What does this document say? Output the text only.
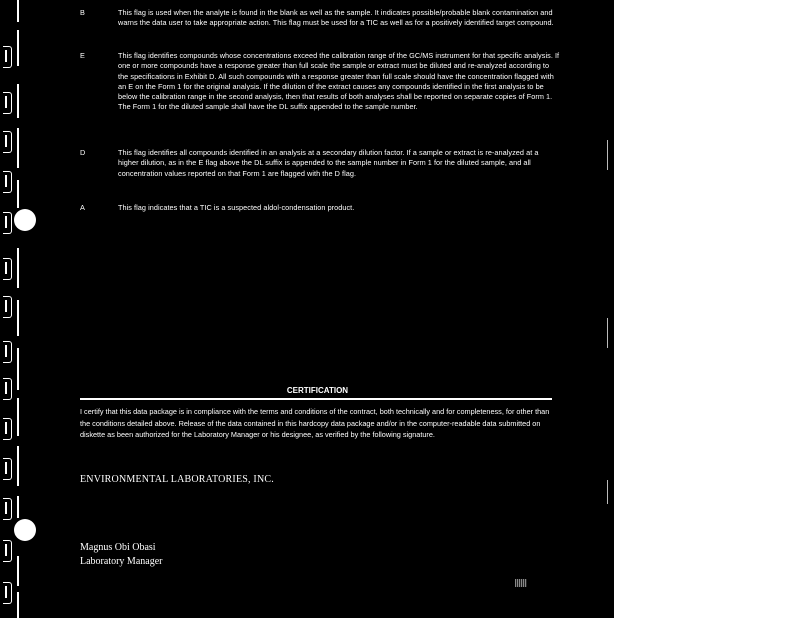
B	This flag is used when the analyte is found in the blank as well as the sample. It indicates possible/probable blank contamination and warns the data user to take appropriate action. This flag must be used for a TIC as well as for a positively identified target compound.
E	This flag identifies compounds whose concentrations exceed the calibration range of the GC/MS instrument for that specific analysis. If one or more compounds have a response greater than full scale the sample or extract must be diluted and re-analyzed according to the specifications in Exhibit D. All such compounds with a response greater than full scale should have the concentration flagged with an E on the Form 1 for the original analysis. If the dilution of the extract causes any compounds identified in the first analysis to be below the calibration range in the second analysis, then that results of both analyses shall be reported on separate copies of Form 1. The Form 1 for the diluted sample shall have the DL suffix appended to the sample number.
D	This flag identifies all compounds identified in an analysis at a secondary dilution factor. If a sample or extract is re-analyzed at a higher dilution, as in the E flag above the DL suffix is appended to the sample number in Form 1 for the diluted sample, and all concentration values reported on that Form 1 are flagged with the D flag.
A	This flag indicates that a TIC is a suspected aldol-condensation product.
CERTIFICATION
I certify that this data package is in compliance with the terms and conditions of the contract, both technically and for completeness, for other than the conditions detailed above. Release of the data contained in this hardcopy data package and/or in the computer-readable data submitted on diskette as been authorized for the Laboratory Manager or his designee, as verified by the following signature.
ENVIRONMENTAL LABORATORIES, INC.
Magnus Obi Obasi
Laboratory Manager
